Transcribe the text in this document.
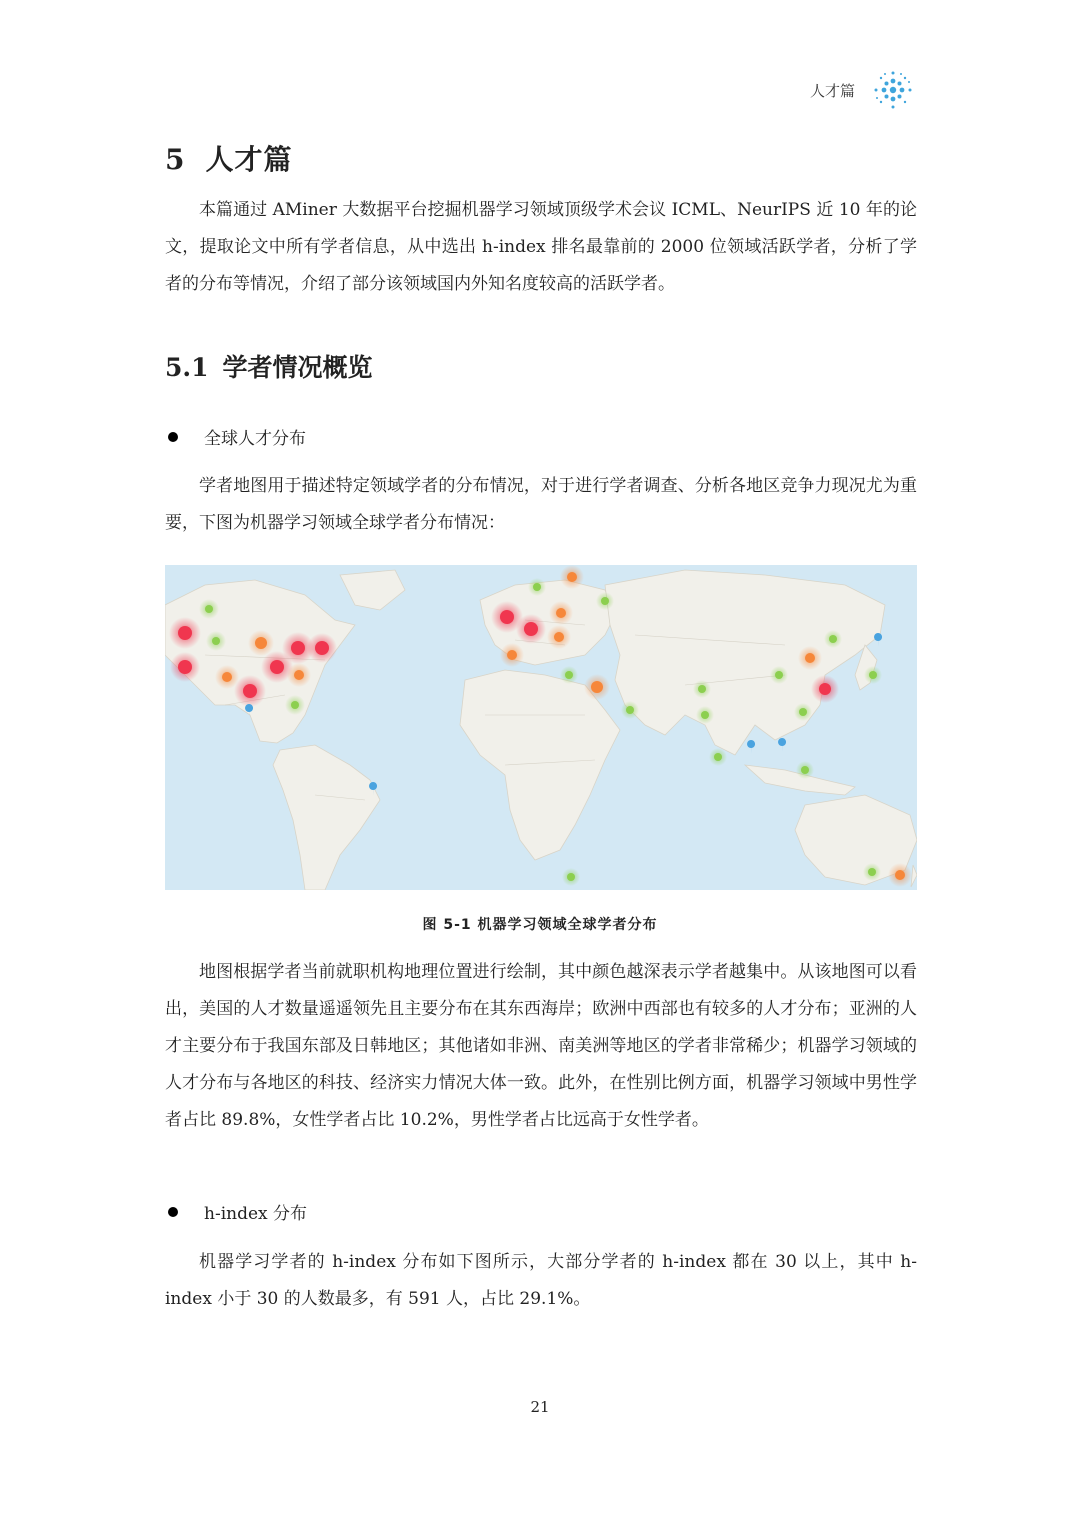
人才篇
5 人才篇

本篇通过 AMiner 大数据平台挖掘机器学习领域顶级学术会议 ICML、NeurIPS 近 10 年的论文，提取论文中所有学者信息，从中选出 h-index 排名最靠前的 2000 位领域活跃学者，分析了学者的分布等情况，介绍了部分该领域国内外知名度较高的活跃学者。

5.1 学者情况概览
全球人才分布

学者地图用于描述特定领域学者的分布情况，对于进行学者调查、分析各地区竞争力现况尤为重要，下图为机器学习领域全球学者分布情况：

图 5-1 机器学习领域全球学者分布

地图根据学者当前就职机构地理位置进行绘制，其中颜色越深表示学者越集中。从该地图可以看出，美国的人才数量遥遥领先且主要分布在其东西海岸；欧洲中西部也有较多的人才分布；亚洲的人才主要分布于我国东部及日韩地区；其他诸如非洲、南美洲等地区的学者非常稀少；机器学习领域的人才分布与各地区的科技、经济实力情况大体一致。此外，在性别比例方面，机器学习领域中男性学者占比 89.8%，女性学者占比 10.2%，男性学者占比远高于女性学者。

h-index 分布

机器学习学者的 h-index 分布如下图所示，大部分学者的 h-index 都在 30 以上，其中 h-index 小于 30 的人数最多，有 591 人，占比 29.1%。

21
